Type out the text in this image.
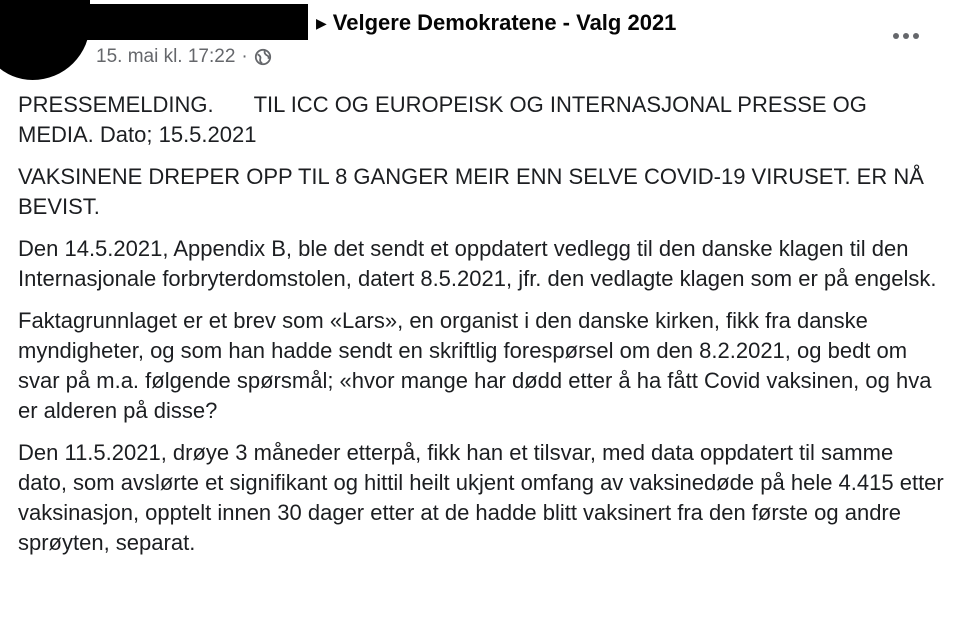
▶ Velgere Demokratene - Valg 2021
15. mai kl. 17:22 ·

PRESSEMELDING. TIL ICC OG EUROPEISK OG INTERNASJONAL PRESSE OG MEDIA. Dato; 15.5.2021

VAKSINENE DREPER OPP TIL 8 GANGER MEIR ENN SELVE COVID-19 VIRUSET. ER NÅ BEVIST.

Den 14.5.2021, Appendix B, ble det sendt et oppdatert vedlegg til den danske klagen til den Internasjonale forbryterdomstolen, datert 8.5.2021, jfr. den vedlagte klagen som er på engelsk.

Faktagrunnlaget er et brev som «Lars», en organist i den danske kirken, fikk fra danske myndigheter, og som han hadde sendt en skriftlig forespørsel om den 8.2.2021, og bedt om svar på m.a. følgende spørsmål; «hvor mange har dødd etter å ha fått Covid vaksinen, og hva er alderen på disse?

Den 11.5.2021, drøye 3 måneder etterpå, fikk han et tilsvar, med data oppdatert til samme dato, som avslørte et signifikant og hittil heilt ukjent omfang av vaksinedøde på hele 4.415 etter vaksinasjon, opptelt innen 30 dager etter at de hadde blitt vaksinert fra den første og andre sprøyten, separat.
